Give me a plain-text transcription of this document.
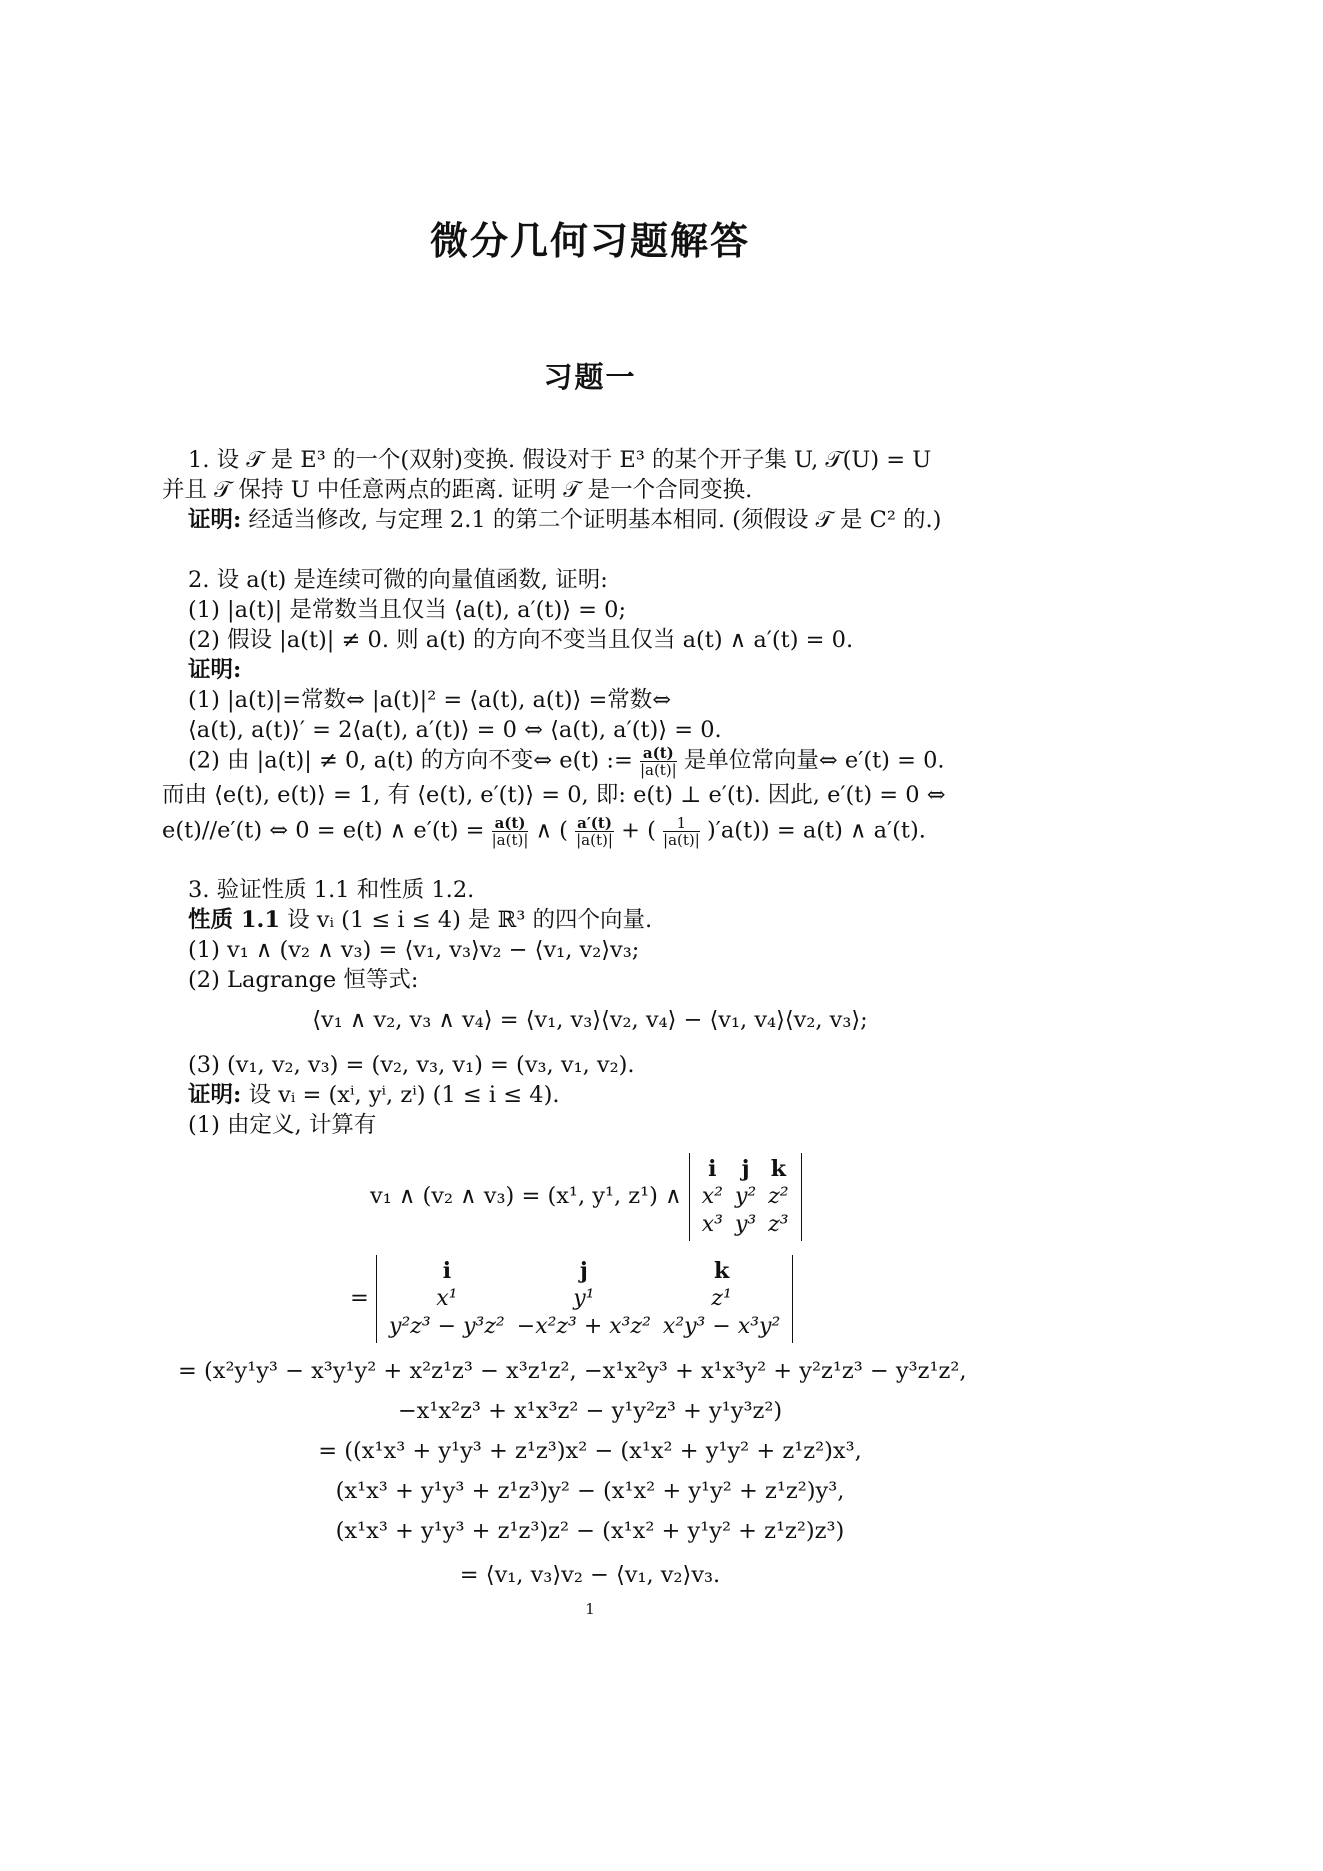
微分几何习题解答
习题一
1. 设 𝒯 是 E³ 的一个(双射)变换. 假设对于 E³ 的某个开子集 U, 𝒯(U) = U
并且 𝒯 保持 U 中任意两点的距离. 证明 𝒯 是一个合同变换.
证明: 经适当修改, 与定理 2.1 的第二个证明基本相同. (须假设 𝒯 是 C² 的.)
2. 设 a(t) 是连续可微的向量值函数, 证明:
(1) |a(t)| 是常数当且仅当 ⟨a(t), a′(t)⟩ = 0;
(2) 假设 |a(t)| ≠ 0. 则 a(t) 的方向不变当且仅当 a(t) ∧ a′(t) = 0.
证明:
(1) |a(t)|=常数⇔ |a(t)|² = ⟨a(t), a(t)⟩ =常数⇔
⟨a(t), a(t)⟩′ = 2⟨a(t), a′(t)⟩ = 0 ⇔ ⟨a(t), a′(t)⟩ = 0.
(2) 由 |a(t)| ≠ 0, a(t) 的方向不变⇔ e(t) := $\frac{a(t)}{|a(t)|}$ 是单位常向量⇔ e′(t) = 0.
而由 ⟨e(t), e(t)⟩ = 1, 有 ⟨e(t), e′(t)⟩ = 0, 即: e(t) ⊥ e′(t). 因此, e′(t) = 0 ⇔
e(t)//e′(t) ⇔ 0 = e(t) ∧ $e'(t) = \frac{a(t)}{|a(t)|}$ ∧ ( $\frac{a'(t)}{|a(t)|}$ + ( $\frac{1}{|a(t)|} )'a(t)) = a(t)$ ∧ a′(t).
3. 验证性质 1.1 和性质 1.2.
性质 1.1 设 vᵢ (1 ≤ i ≤ 4) 是 ℝ³ 的四个向量.
(1) v₁ ∧ (v₂ ∧ v₃) = ⟨v₁, v₃⟩v₂ − ⟨v₁, v₂⟩v₃;
(2) Lagrange 恒等式:
⟨v₁ ∧ v₂, v₃ ∧ v₄⟩ = ⟨v₁, v₃⟩⟨v₂, v₄⟩ − ⟨v₁, v₄⟩⟨v₂, v₃⟩;
(3) (v₁, v₂, v₃) = (v₂, v₃, v₁) = (v₃, v₁, v₂).
证明: 设 vᵢ = (xⁱ, yⁱ, zⁱ) (1 ≤ i ≤ 4).
(1) 由定义, 计算有
v₁ ∧ (v₂ ∧ v₃) = (x¹, y¹, z¹) ∧
i	j	k
x²	y²	z²
x³	y³	z³
=
i	j	k
x¹	y¹	z¹
y²z³ − y³z²	−x²z³ + x³z²	x²y³ − x³y²
= (x²y¹y³ − x³y¹y² + x²z¹z³ − x³z¹z², −x¹x²y³ + x¹x³y² + y²z¹z³ − y³z¹z²,
−x¹x²z³ + x¹x³z² − y¹y²z³ + y¹y³z²)
= ((x¹x³ + y¹y³ + z¹z³)x² − (x¹x² + y¹y² + z¹z²)x³,
(x¹x³ + y¹y³ + z¹z³)y² − (x¹x² + y¹y² + z¹z²)y³,
(x¹x³ + y¹y³ + z¹z³)z² − (x¹x² + y¹y² + z¹z²)z³)
= ⟨v₁, v₃⟩v₂ − ⟨v₁, v₂⟩v₃.
1
